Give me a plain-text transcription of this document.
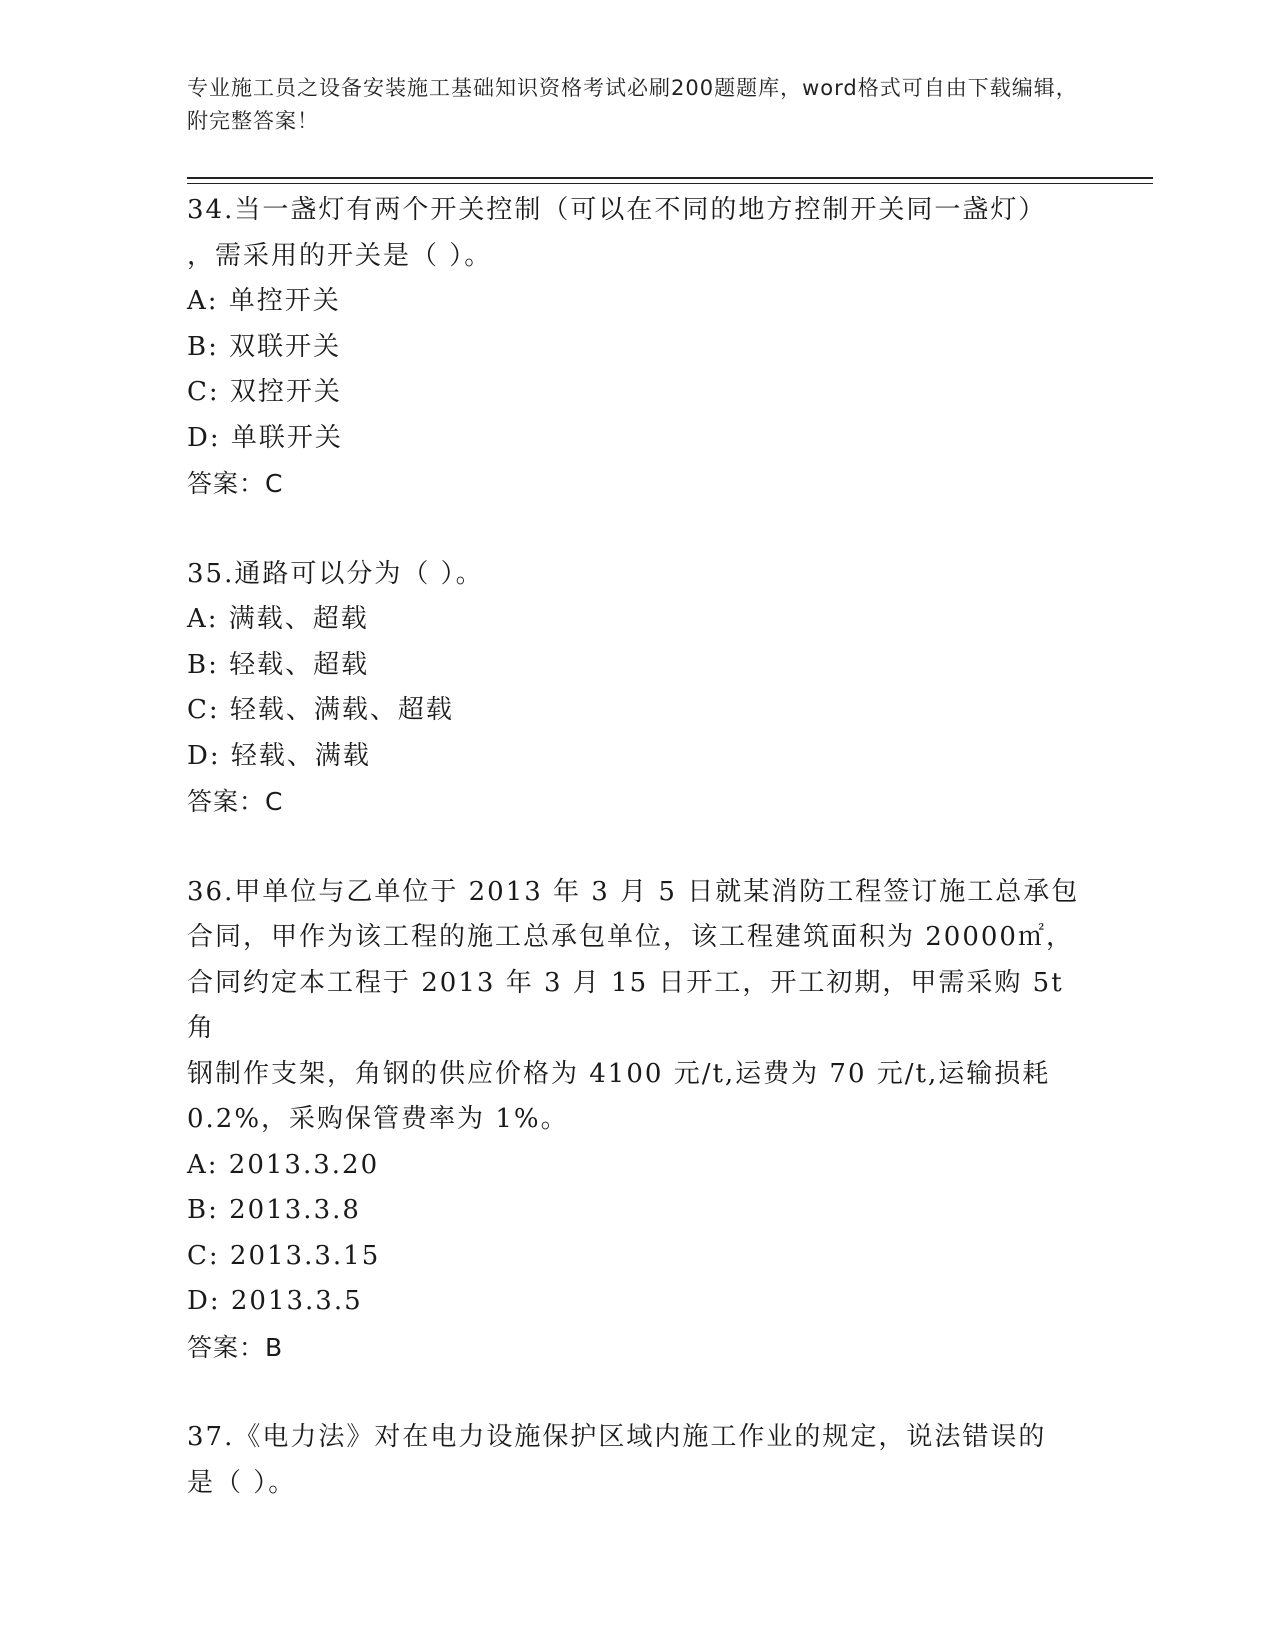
专业施工员之设备安装施工基础知识资格考试必刷200题题库，word格式可自由下载编辑，附完整答案！
34.当一盏灯有两个开关控制（可以在不同的地方控制开关同一盏灯）
，需采用的开关是（ ）。
A: 单控开关
B: 双联开关
C: 双控开关
D: 单联开关
答案：C
35.通路可以分为（ ）。
A: 满载、超载
B: 轻载、超载
C: 轻载、满载、超载
D: 轻载、满载
答案：C
36.甲单位与乙单位于 2013 年 3 月 5 日就某消防工程签订施工总承包
合同，甲作为该工程的施工总承包单位，该工程建筑面积为 20000㎡，
合同约定本工程于 2013 年 3 月 15 日开工，开工初期，甲需采购 5t 角
钢制作支架，角钢的供应价格为 4100 元/t,运费为 70 元/t,运输损耗
0.2%，采购保管费率为 1%。
A: 2013.3.20
B: 2013.3.8
C: 2013.3.15
D: 2013.3.5
答案：B
37.《电力法》对在电力设施保护区域内施工作业的规定，说法错误的
是（ ）。
